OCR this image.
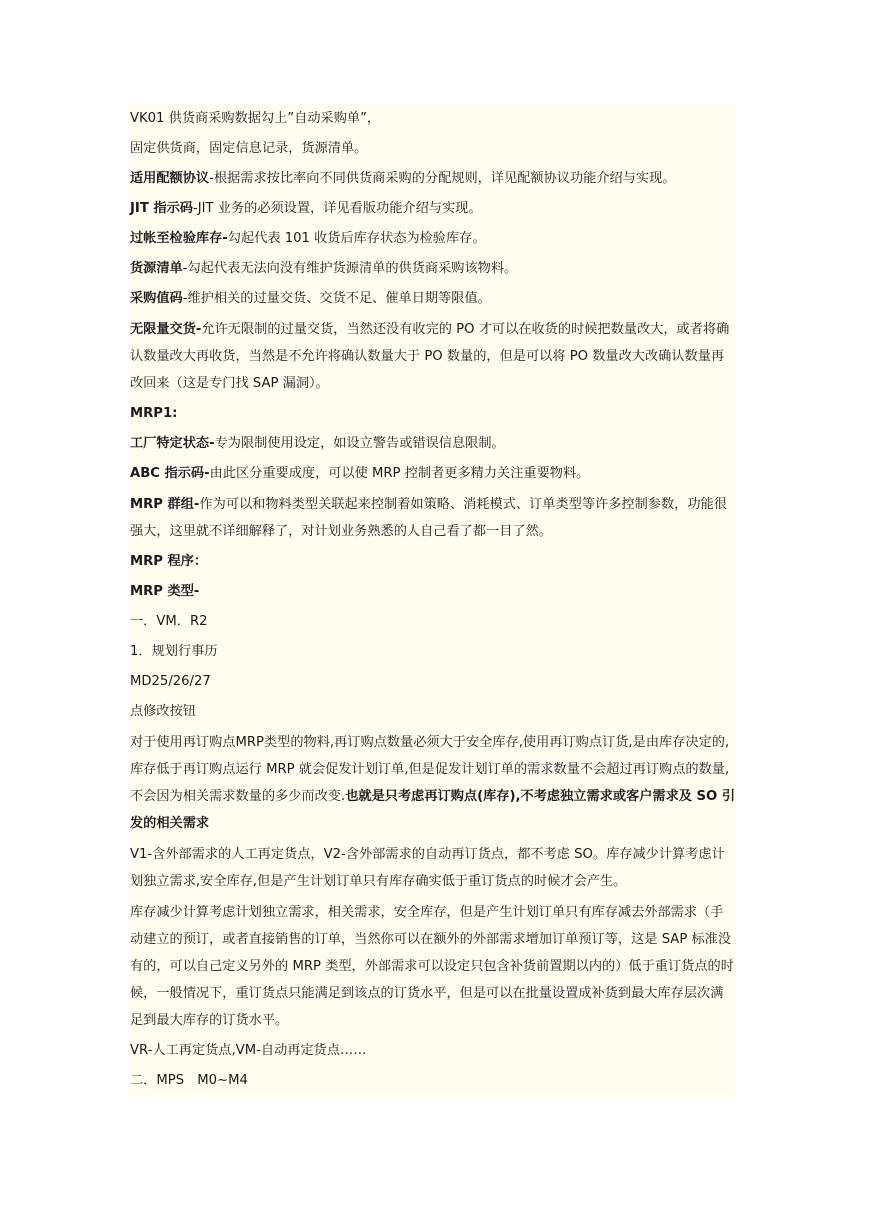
VK01 供货商采购数据勾上”自动采购单”，

固定供货商，固定信息记录，货源清单。

适用配额协议-根据需求按比率向不同供货商采购的分配规则，详见配额协议功能介绍与实现。

JIT 指示码-JIT 业务的必须设置，详见看版功能介绍与实现。

过帐至检验库存-勾起代表 101 收货后库存状态为检验库存。

货源清单-勾起代表无法向没有维护货源清单的供货商采购该物料。

采购值码-维护相关的过量交货、交货不足、催单日期等限值。

无限量交货-允许无限制的过量交货，当然还没有收完的 PO 才可以在收货的时候把数量改大，或者将确认数量改大再收货，当然是不允许将确认数量大于 PO 数量的，但是可以将 PO 数量改大改确认数量再改回来（这是专门找 SAP 漏洞）。

MRP1:

工厂特定状态-专为限制使用设定，如设立警告或错误信息限制。

ABC 指示码-由此区分重要成度，可以使 MRP 控制者更多精力关注重要物料。

MRP 群组-作为可以和物料类型关联起来控制着如策略、消耗模式、订单类型等许多控制参数，功能很强大，这里就不详细解释了，对计划业务熟悉的人自己看了都一目了然。

MRP 程序：

MRP 类型-

一．VM．R2

1．规划行事历

MD25/26/27

点修改按钮

对于使用再订购点MRP类型的物料,再订购点数量必须大于安全库存,使用再订购点订货,是由库存决定的,库存低于再订购点运行 MRP 就会促发计划订单,但是促发计划订单的需求数量不会超过再订购点的数量,不会因为相关需求数量的多少而改变.也就是只考虑再订购点(库存),不考虑独立需求或客户需求及 SO 引发的相关需求

V1-含外部需求的人工再定货点，V2-含外部需求的自动再订货点，都不考虑 SO。库存减少计算考虑计划独立需求,安全库存,但是产生计划订单只有库存确实低于重订货点的时候才会产生。

库存减少计算考虑计划独立需求，相关需求，安全库存，但是产生计划订单只有库存减去外部需求（手动建立的预订，或者直接销售的订单，当然你可以在额外的外部需求增加订单预订等，这是 SAP 标准没有的，可以自己定义另外的 MRP 类型，外部需求可以设定只包含补货前置期以内的）低于重订货点的时候，一般情况下，重订货点只能满足到该点的订货水平，但是可以在批量设置成补货到最大库存层次满足到最大库存的订货水平。

VR-人工再定货点,VM-自动再定货点……

二．MPS　M0~M4
